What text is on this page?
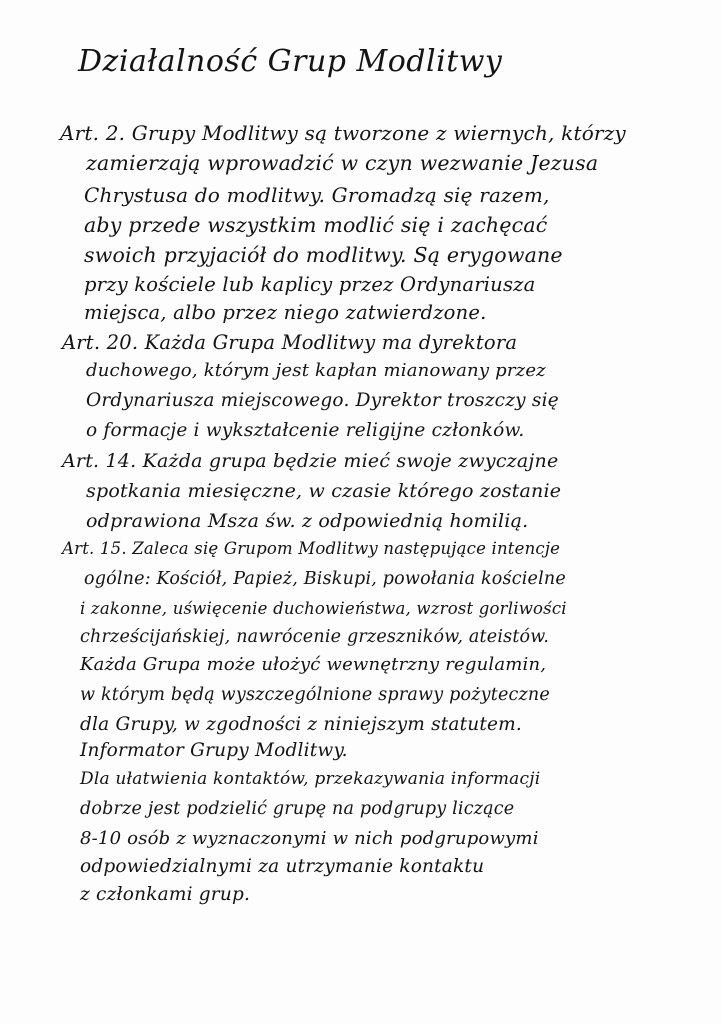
Działalność Grup Modlitwy
Art. 2. Grupy Modlitwy są tworzone z wiernych, którzy
zamierzają wprowadzić w czyn wezwanie Jezusa
Chrystusa do modlitwy. Gromadzą się razem,
aby przede wszystkim modlić się i zachęcać
swoich przyjaciół do modlitwy. Są erygowane
przy kościele lub kaplicy przez Ordynariusza
miejsca, albo przez niego zatwierdzone.
Art. 20. Każda Grupa Modlitwy ma dyrektora
duchowego, którym jest kapłan mianowany przez
Ordynariusza miejscowego. Dyrektor troszczy się
o formacje i wykształcenie religijne członków.
Art. 14. Każda grupa będzie mieć swoje zwyczajne
spotkania miesięczne, w czasie którego zostanie
odprawiona Msza św. z odpowiednią homilią.
Art. 15. Zaleca się Grupom Modlitwy następujące intencje
ogólne: Kościół, Papież, Biskupi, powołania kościelne
i zakonne, uświęcenie duchowieństwa, wzrost gorliwości
chrześcijańskiej, nawrócenie grzeszników, ateistów.
Każda Grupa może ułożyć wewnętrzny regulamin,
w którym będą wyszczególnione sprawy pożyteczne
dla Grupy, w zgodności z niniejszym statutem.
Informator Grupy Modlitwy.
Dla ułatwienia kontaktów, przekazywania informacji
dobrze jest podzielić grupę na podgrupy liczące
8-10 osób z wyznaczonymi w nich podgrupowymi
odpowiedzialnymi za utrzymanie kontaktu
z członkami grup.
